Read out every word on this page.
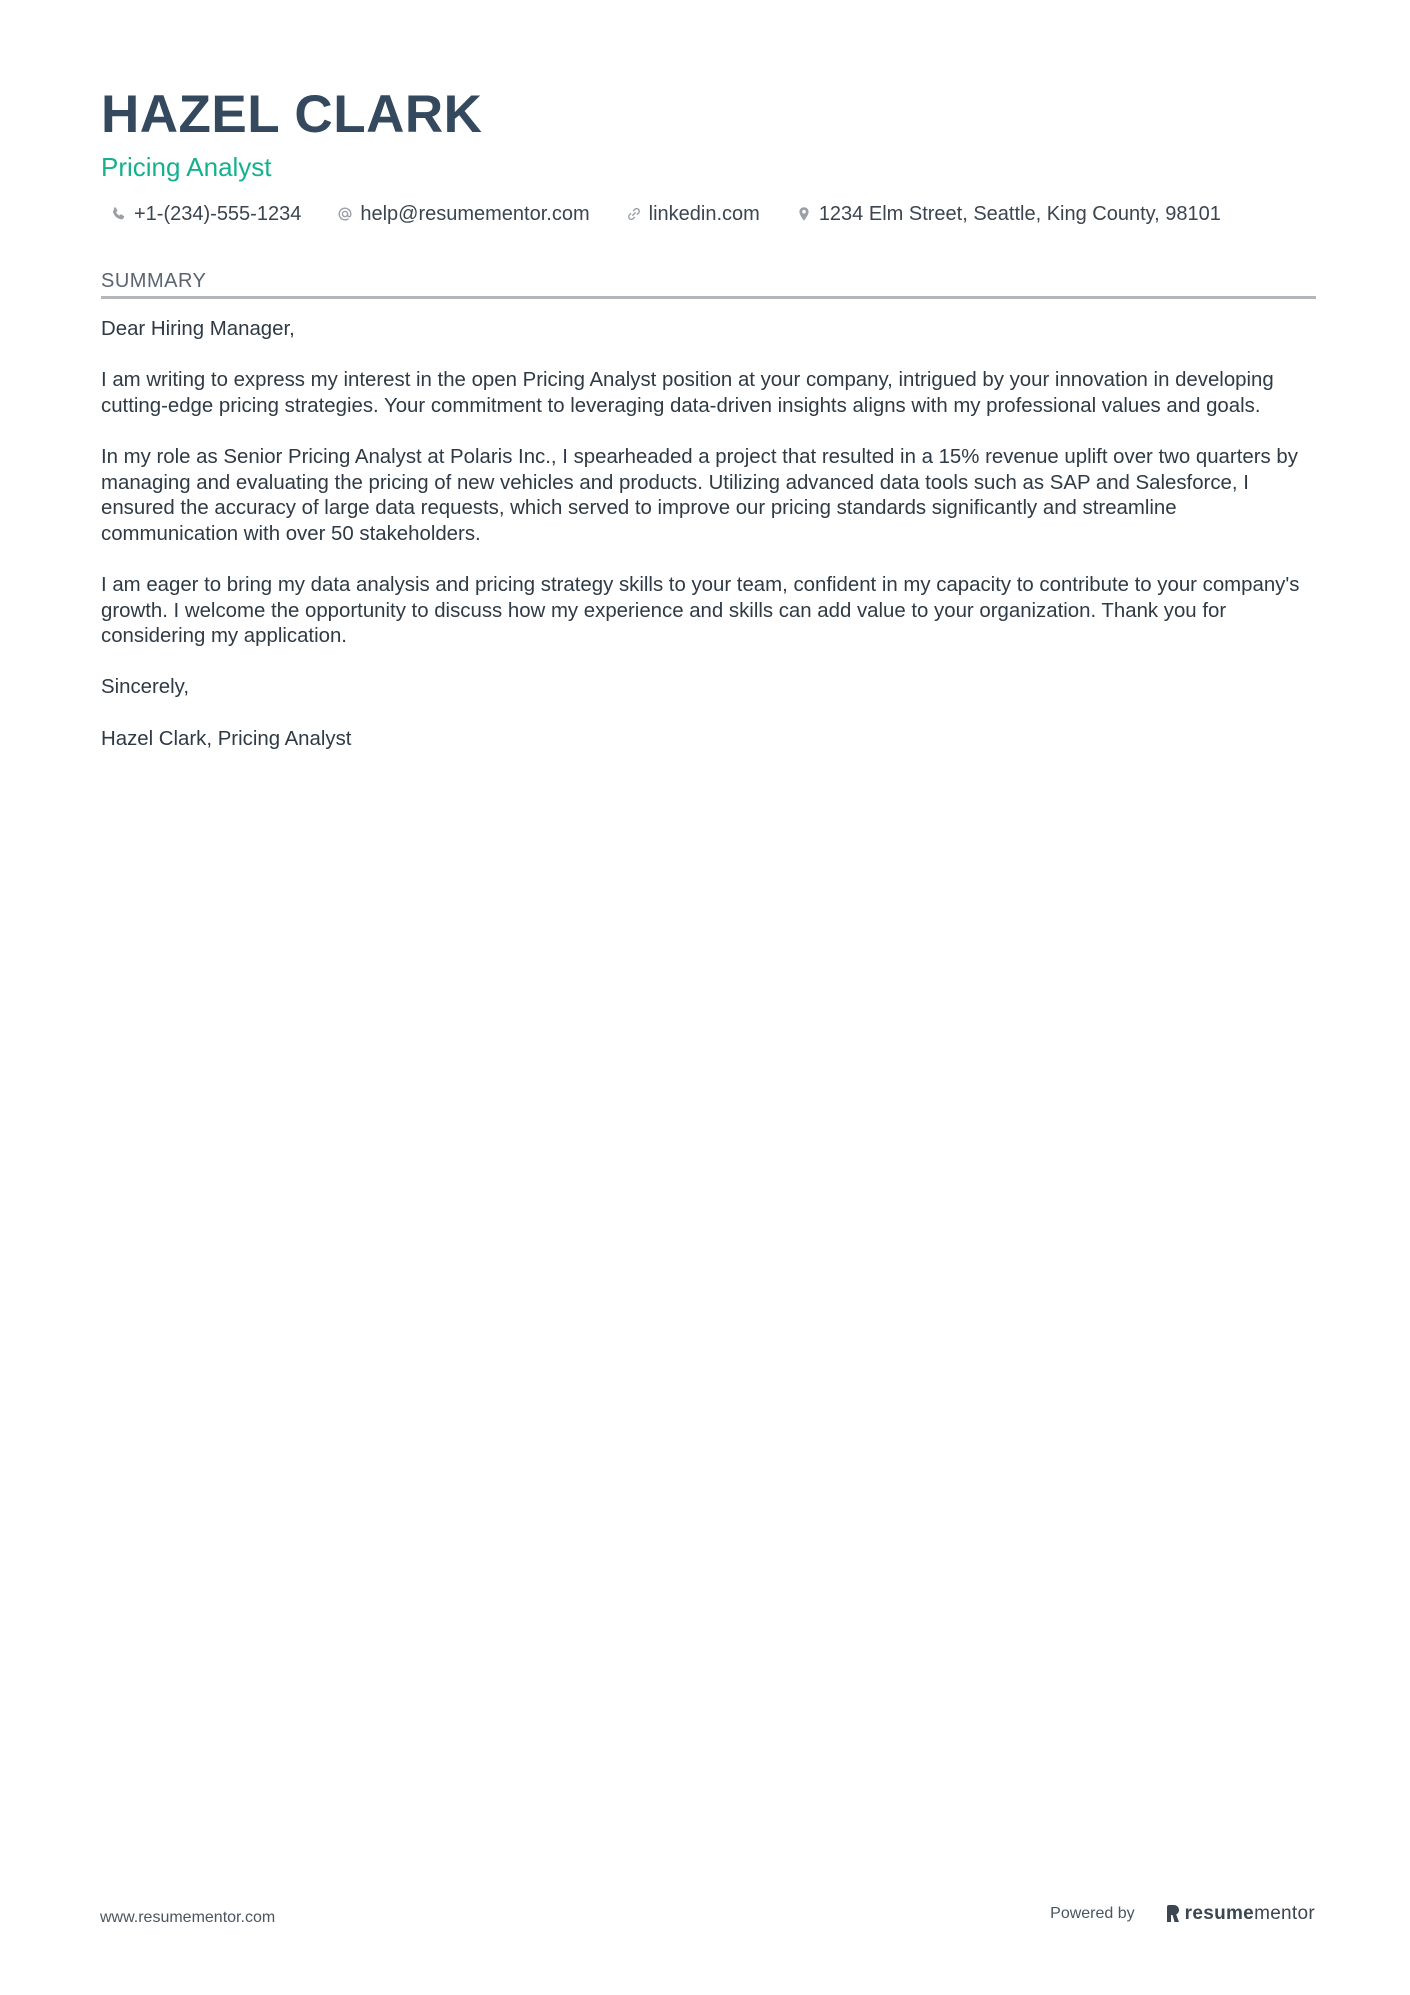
HAZEL CLARK
Pricing Analyst
+1-(234)-555-1234	help@resumementor.com	linkedin.com	1234 Elm Street, Seattle, King County, 98101
SUMMARY

Dear Hiring Manager,

I am writing to express my interest in the open Pricing Analyst position at your company, intrigued by your innovation in developing cutting-edge pricing strategies. Your commitment to leveraging data-driven insights aligns with my professional values and goals.

In my role as Senior Pricing Analyst at Polaris Inc., I spearheaded a project that resulted in a 15% revenue uplift over two quarters by managing and evaluating the pricing of new vehicles and products. Utilizing advanced data tools such as SAP and Salesforce, I ensured the accuracy of large data requests, which served to improve our pricing standards significantly and streamline communication with over 50 stakeholders.

I am eager to bring my data analysis and pricing strategy skills to your team, confident in my capacity to contribute to your company's growth. I welcome the opportunity to discuss how my experience and skills can add value to your organization. Thank you for considering my application.

Sincerely,

Hazel Clark, Pricing Analyst

www.resumementor.com	Powered by	resume mentor
